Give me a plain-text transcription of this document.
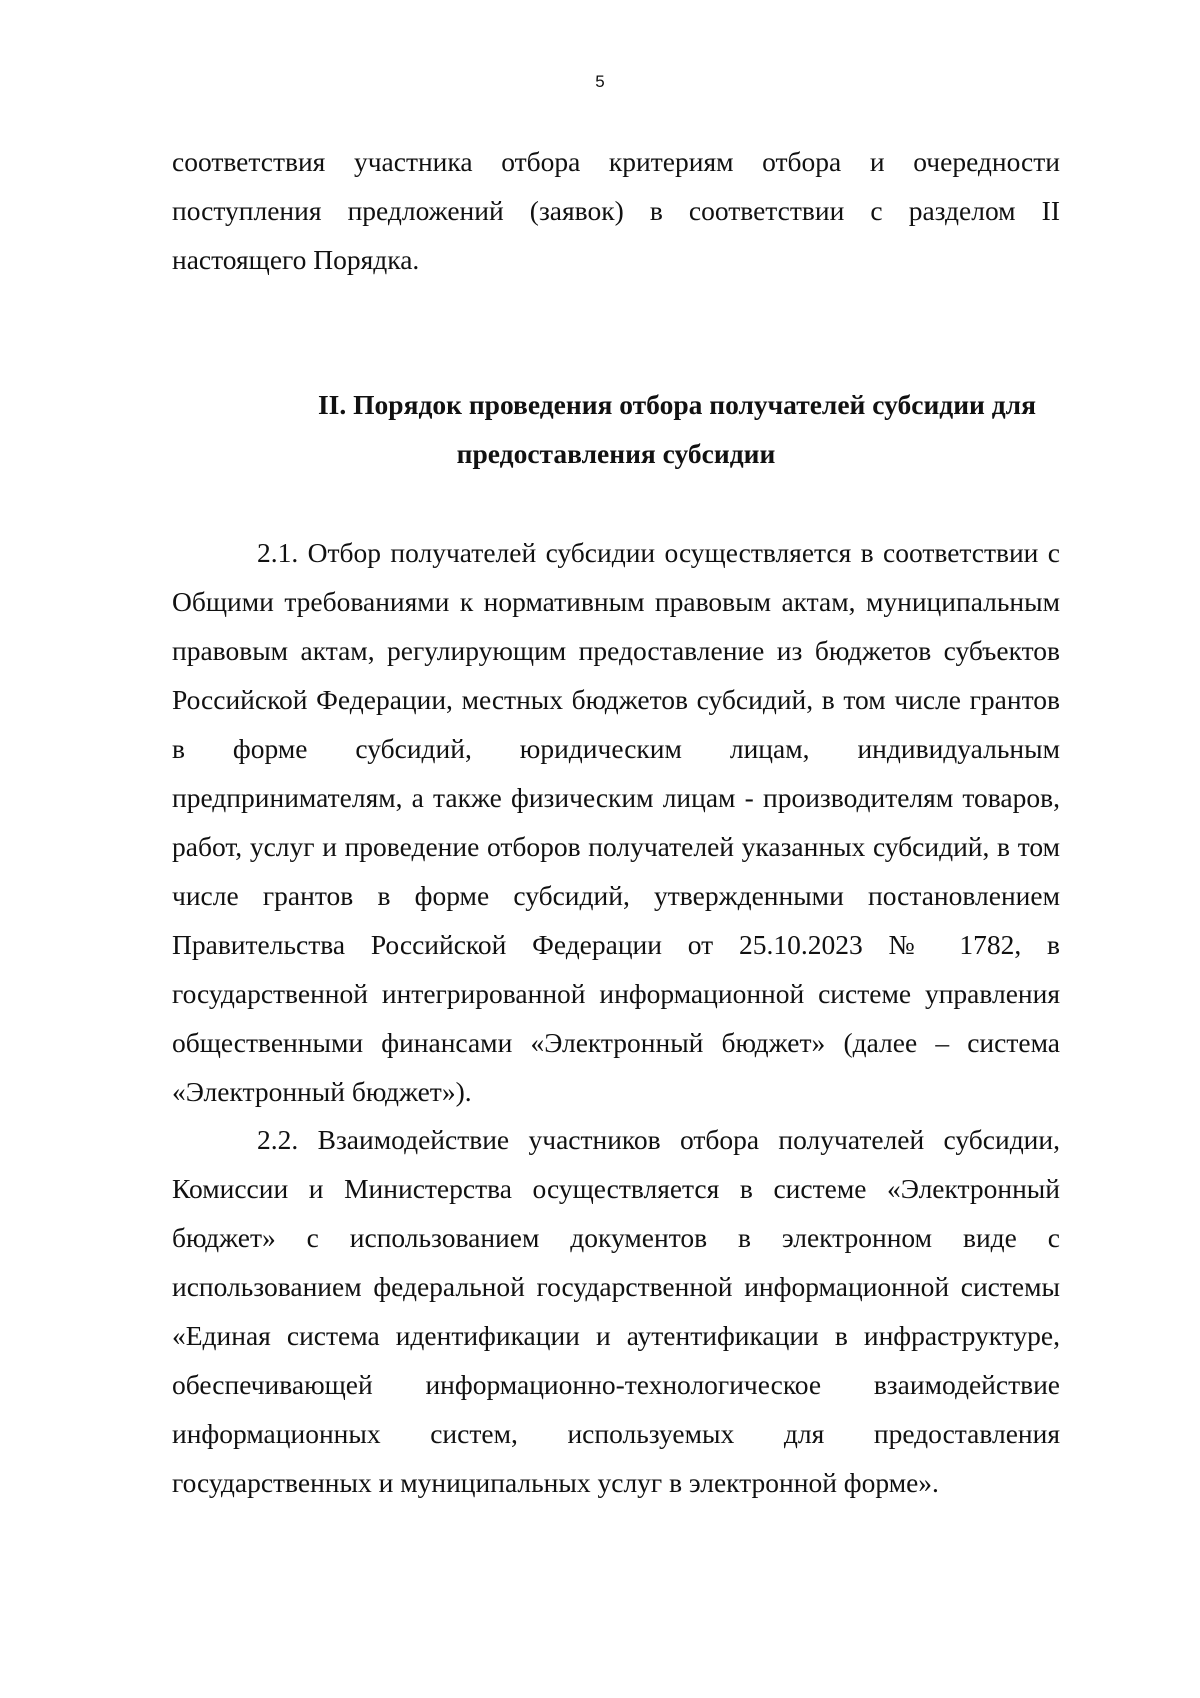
5

соответствия участника отбора критериям отбора и очередности поступления предложений (заявок) в соответствии с разделом II настоящего Порядка.

II. Порядок проведения отбора получателей субсидии для
предоставления субсидии

2.1. Отбор получателей субсидии осуществляется в соответствии с Общими требованиями к нормативным правовым актам, муниципальным правовым актам, регулирующим предоставление из бюджетов субъектов Российской Федерации, местных бюджетов субсидий, в том числе грантов в форме субсидий, юридическим лицам, индивидуальным предпринимателям, а также физическим лицам - производителям товаров, работ, услуг и проведение отборов получателей указанных субсидий, в том числе грантов в форме субсидий, утвержденными постановлением Правительства Российской Федерации от 25.10.2023 № 1782, в государственной интегрированной информационной системе управления общественными финансами «Электронный бюджет» (далее – система «Электронный бюджет»).

2.2. Взаимодействие участников отбора получателей субсидии, Комиссии и Министерства осуществляется в системе «Электронный бюджет» с использованием документов в электронном виде с использованием федеральной государственной информационной системы «Единая система идентификации и аутентификации в инфраструктуре, обеспечивающей информационно-технологическое взаимодействие информационных систем, используемых для предоставления государственных и муниципальных услуг в электронной форме».
